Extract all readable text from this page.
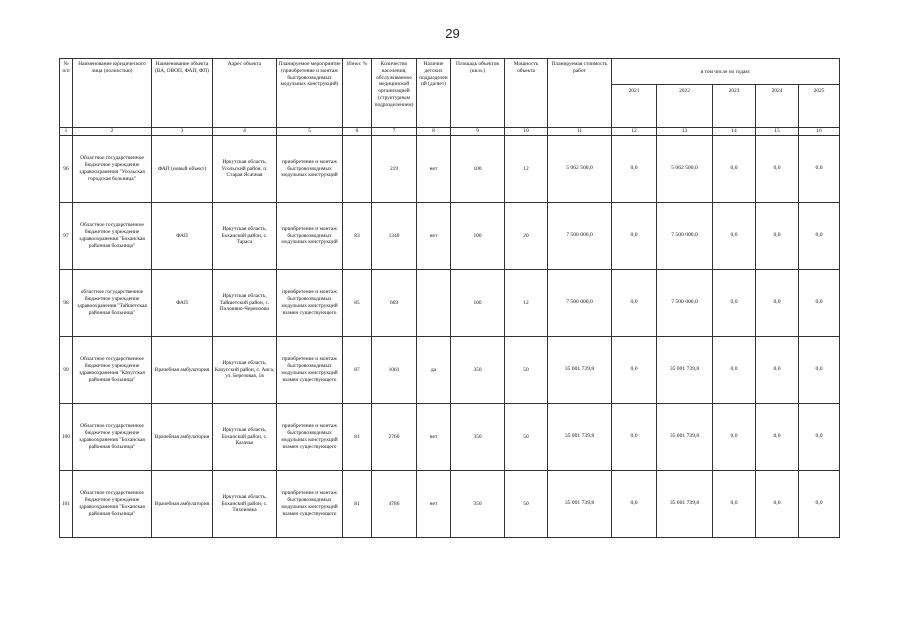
29
№ п/п	Наименование юридического лица (полностью)	Наименование объекта (ВА, ОВОП, ФАП, ФП)	Адрес объекта	Планируемое мероприятие (приобретение и монтаж быстровозводимых модульных конструкций)	Износ %	Количество населения, обслуживаемое медицинской организацией (структурным подразделением)	Наличие детских подразделений (да/нет)	Площадь объектов (кв.м.)	Мощность объекта	Планируемая стоимость работ	в том числе по годам:				
											2021	2022	2023	2024	2025
1	2	3	4	5	6	7	8	9	10	11	12	13	14	15	16
96	Областное государственное бюджетное учреждение здравоохранения "Усольская городская больница"	ФАП (новый объект)	Иркутская область, Усольский район, п. Старая Ясачная	приобретение и монтаж быстровозводимых модульных конструкций		219	нет	100	12	5 062 500,0	0,0	5 062 500,0	0,0	0,0	0,0
97	Областное государственное бюджетное учреждение здравоохранения "Боханская районная больница"	ФАП	Иркутская область, Боханский район, с. Тараса	приобретение и монтаж быстровозводимых модульных конструкций	83	1340	нет	100	20	7 500 000,0	0,0	7 500 000,0	0,0	0,0	0,0
98	областное государственное бюджетное учреждение здравоохранения "Тайшетская районная больница"	ФАП	Иркутская область, Тайшетский район, с. Полоняно-Черемхово	приобретение и монтаж быстровозводимых модульных конструкций взамен существующего	85	669		100	12	7 500 000,0	0,0	7 500 000,0	0,0	0,0	0,0
99	Областное государственное бюджетное учреждение здравоохранения "Качугская районная больница"	Врачебная амбулатория	Иркутская область, Качугский район, с. Анга, ул. Березовая, 1в	приобретение и монтаж быстровозводимых модульных конструкций взамен существующего	87	1061	да	350	50	35 001 739,8	0,0	35 001 739,8	0,0	0,0	0,0
100	Областное государственное бюджетное учреждение здравоохранения "Боханская районная больница"	Врачебная амбулатория	Иркутская область, Боханский район, с. Казачье	приобретение и монтаж быстровозводимых модульных конструкций взамен существующего	81	2760	нет	350	50	35 001 739,8	0,0	35 001 739,8	0,0	0,0	0,0
101	Областное государственное бюджетное учреждение здравоохранения "Боханская районная больница"	Врачебная амбулатория	Иркутская область, Боханский район, с. Тихоновка	приобретение и монтаж быстровозводимых модульных конструкций взамен существующего	81	4786	нет	350	50	35 001 739,8	0,0	35 001 739,8	0,0	0,0	0,0
